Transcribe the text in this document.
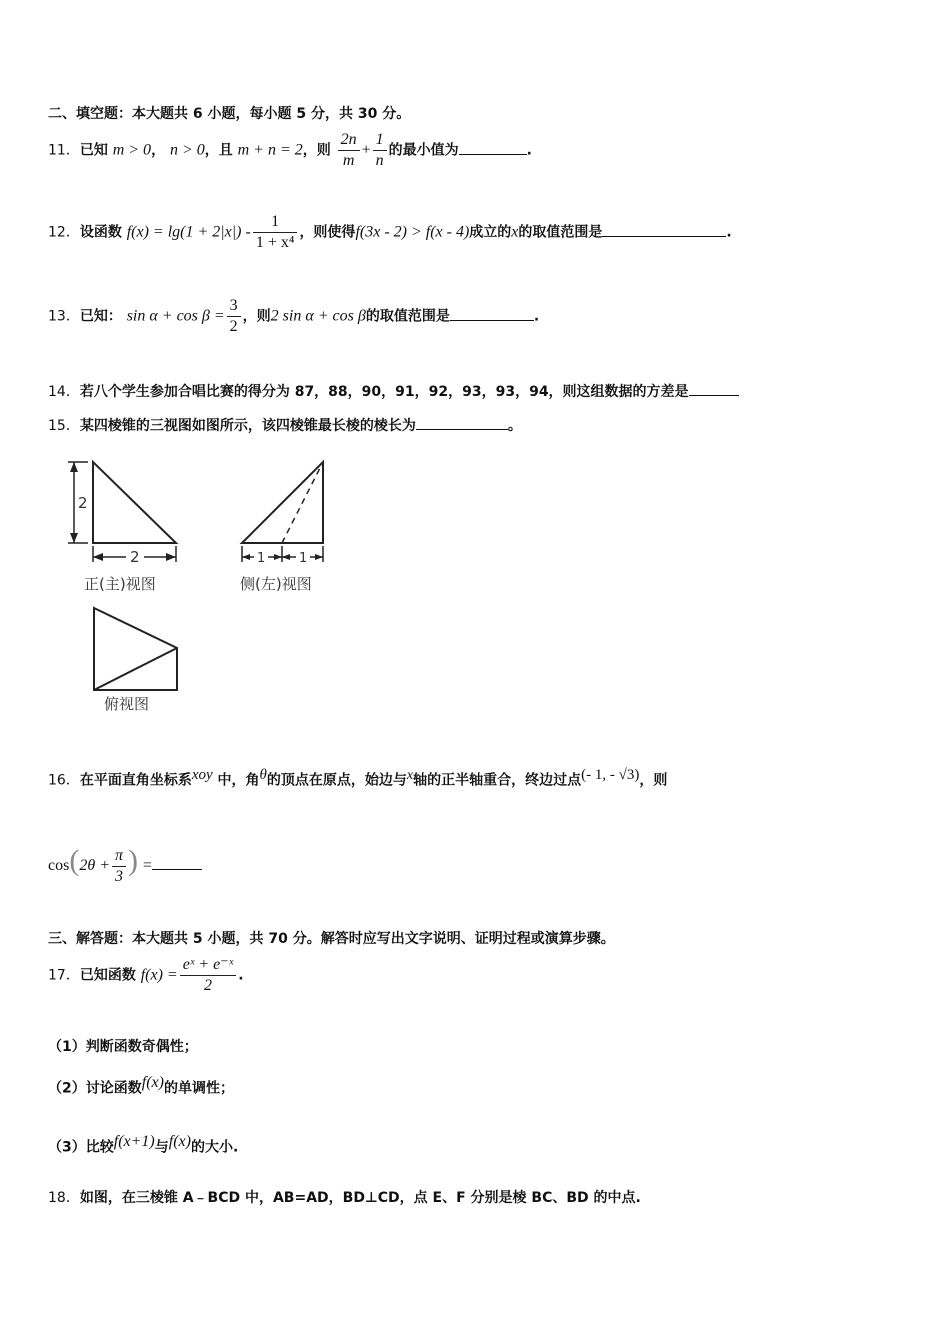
二、填空题：本大题共 6 小题，每小题 5 分，共 30 分。
11．已知 m > 0， n > 0，且 m + n = 2，则 $\frac{2n}{m} + \frac{1}{n}$ 的最小值为	.
12．设函数 $f(x) = \lg(1 + 2|x|) - \frac{1}{\text{1 + x⁴}}$ ，则使得f(3x - 2) > f(x - 4)成立的x的取值范围是	.
13．已知： $\sin \alpha + \cos \beta = \frac{3}{2}$ ，则2 sin α + cos β的取值范围是	.
14．若八个学生参加合唱比赛的得分为 87，88，90，91，92，93，93，94，则这组数据的方差是
15．某四棱锥的三视图如图所示，该四棱锥最长棱的棱长为	。
2
2	1	1
正(主)视图	侧(左)视图
俯视图
16．在平面直角坐标系$^{xoy}$ 中，角$^\theta$的顶点在原点，始边与$^x$轴的正半轴重合，终边过点$^{(- 1, - √3)}$，则
$\cos(2\theta + \frac{\pi}{3}$ ) =
三、解答题：本大题共 5 小题，共 70 分。解答时应写出文字说明、证明过程或演算步骤。
17．已知函数 $f(x) = \frac{\text{eˣ + e⁻ˣ}}{2}$ .
（1）判断函数奇偶性；
（2）讨论函数$^{f(x)}$的单调性；
（3）比较$^{f(x+1)}$与$^{f(x)}$的大小.
18．如图，在三棱锥 A﹣BCD 中，AB=AD，BD⊥CD，点 E、F 分别是棱 BC、BD 的中点.
